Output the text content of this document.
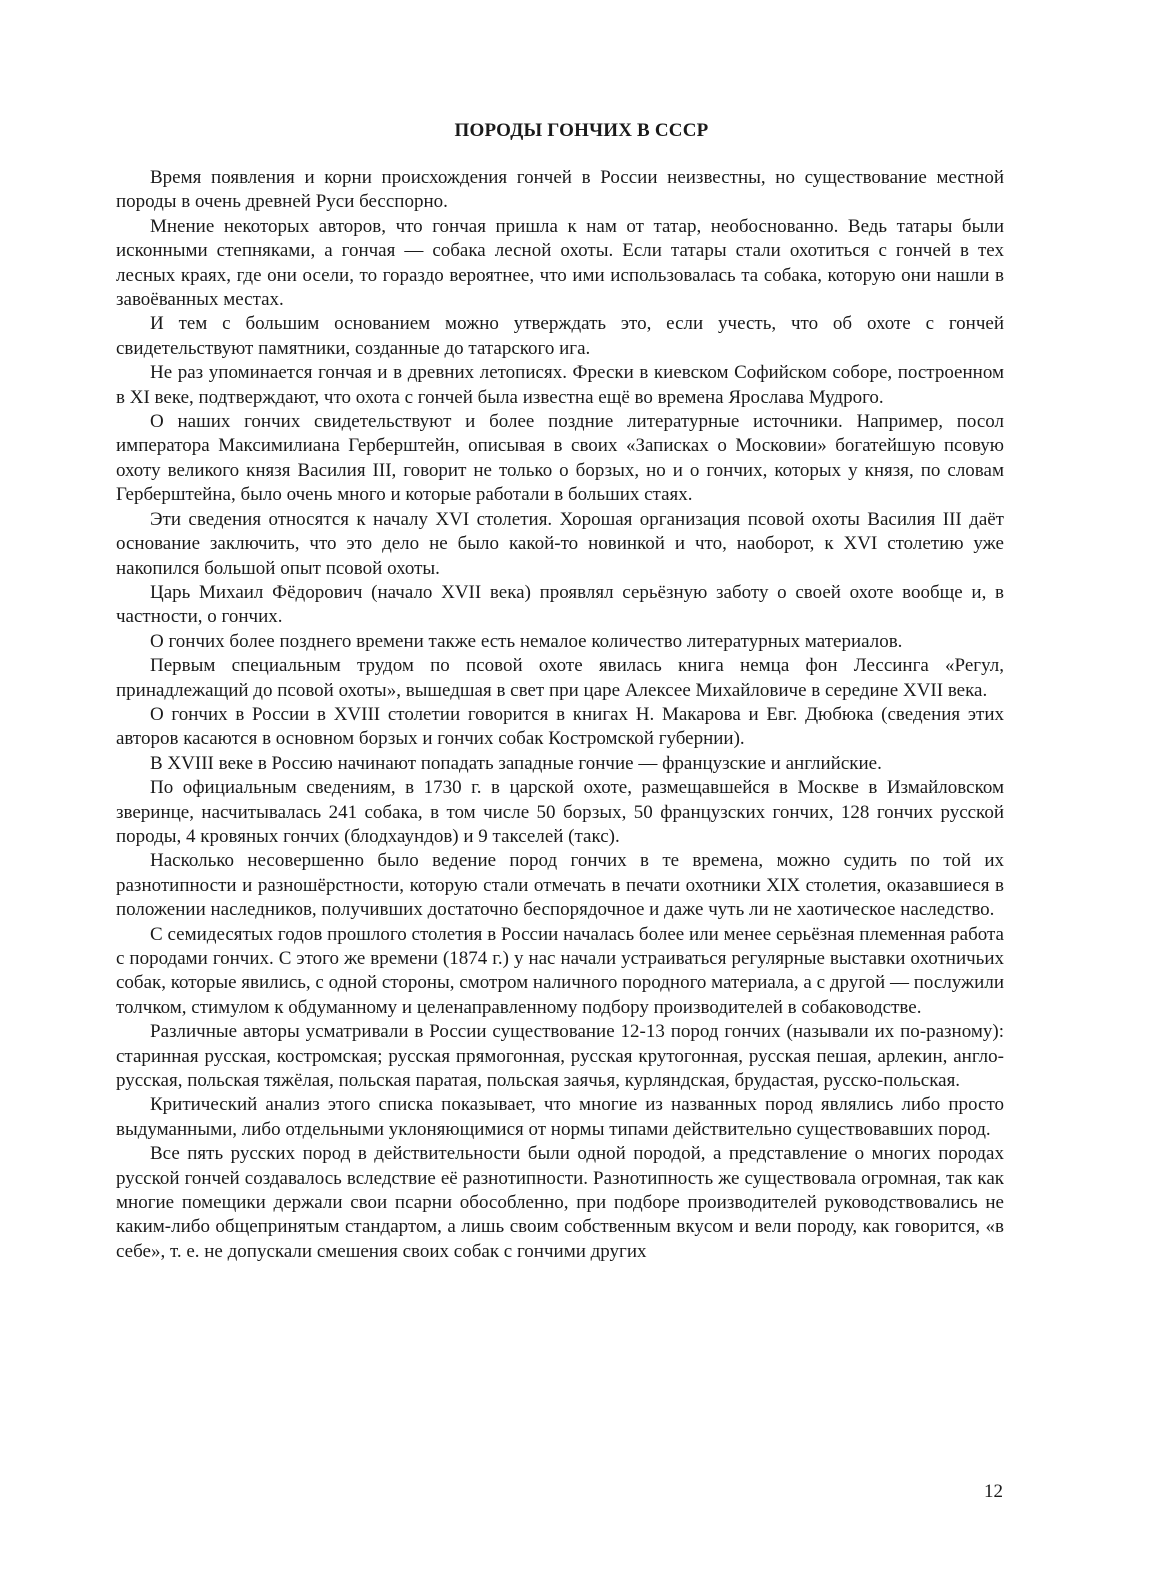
ПОРОДЫ ГОНЧИХ В СССР

Время появления и корни происхождения гончей в России неизвестны, но существование местной породы в очень древней Руси бесспорно.

Мнение некоторых авторов, что гончая пришла к нам от татар, необоснованно. Ведь татары были исконными степняками, а гончая — собака лесной охоты. Если татары стали охотиться с гончей в тех лесных краях, где они осели, то гораздо вероятнее, что ими использовалась та собака, которую они нашли в завоёванных местах.

И тем с большим основанием можно утверждать это, если учесть, что об охоте с гончей свидетельствуют памятники, созданные до татарского ига.

Не раз упоминается гончая и в древних летописях. Фрески в киевском Софийском соборе, построенном в XI веке, подтверждают, что охота с гончей была известна ещё во времена Ярослава Мудрого.

О наших гончих свидетельствуют и более поздние литературные источники. Например, посол императора Максимилиана Герберштейн, описывая в своих «Записках о Московии» богатейшую псовую охоту великого князя Василия III, говорит не только о борзых, но и о гончих, которых у князя, по словам Герберштейна, было очень много и которые работали в больших стаях.

Эти сведения относятся к началу XVI столетия. Хорошая организация псовой охоты Василия III даёт основание заключить, что это дело не было какой-то новинкой и что, наоборот, к XVI столетию уже накопился большой опыт псовой охоты.

Царь Михаил Фёдорович (начало XVII века) проявлял серьёзную заботу о своей охоте вообще и, в частности, о гончих.

О гончих более позднего времени также есть немалое количество литературных материалов.

Первым специальным трудом по псовой охоте явилась книга немца фон Лессинга «Регул, принадлежащий до псовой охоты», вышедшая в свет при царе Алексее Михайловиче в середине XVII века.

О гончих в России в XVIII столетии говорится в книгах Н. Макарова и Евг. Дюбюка (сведения этих авторов касаются в основном борзых и гончих собак Костромской губернии).

В XVIII веке в Россию начинают попадать западные гончие — французские и английские.

По официальным сведениям, в 1730 г. в царской охоте, размещавшейся в Москве в Измайловском зверинце, насчитывалась 241 собака, в том числе 50 борзых, 50 французских гончих, 128 гончих русской породы, 4 кровяных гончих (блодхаундов) и 9 такселей (такс).

Насколько несовершенно было ведение пород гончих в те времена, можно судить по той их разнотипности и разношёрстности, которую стали отмечать в печати охотники XIX столетия, оказавшиеся в положении наследников, получивших достаточно беспорядочное и даже чуть ли не хаотическое наследство.

С семидесятых годов прошлого столетия в России началась более или менее серьёзная племенная работа с породами гончих. С этого же времени (1874 г.) у нас начали устраиваться регулярные выставки охотничьих собак, которые явились, с одной стороны, смотром наличного породного материала, а с другой — послужили толчком, стимулом к обдуманному и целенаправленному подбору производителей в собаководстве.

Различные авторы усматривали в России существование 12-13 пород гончих (называли их по-разному): старинная русская, костромская; русская прямогонная, русская крутогонная, русская пешая, арлекин, англо-русская, польская тяжёлая, польская паратая, польская заячья, курляндская, брудастая, русско-польская.

Критический анализ этого списка показывает, что многие из названных пород являлись либо просто выдуманными, либо отдельными уклоняющимися от нормы типами действительно существовавших пород.

Все пять русских пород в действительности были одной породой, а представление о многих породах русской гончей создавалось вследствие её разнотипности. Разнотипность же существовала огромная, так как многие помещики держали свои псарни обособленно, при подборе производителей руководствовались не каким-либо общепринятым стандартом, а лишь своим собственным вкусом и вели породу, как говорится, «в себе», т. е. не допускали смешения своих собак с гончими других

12
